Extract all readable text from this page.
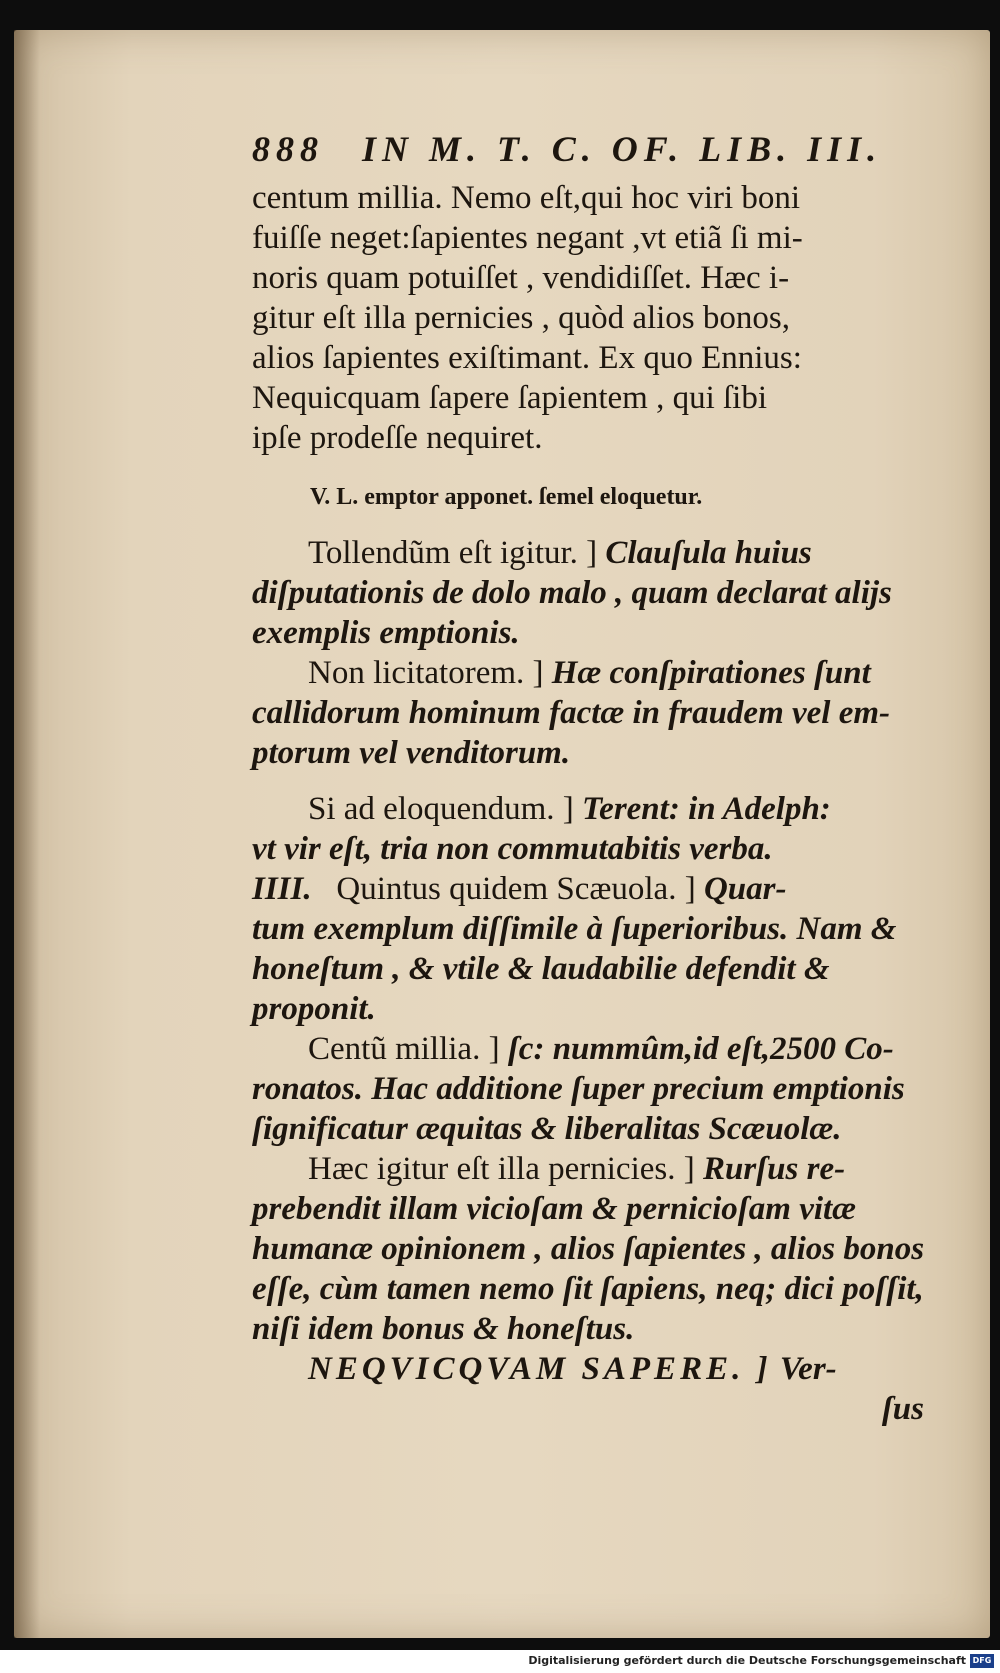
888 IN M. T. C. OF. LIB. III.
centum millia. Nemo eſt,qui hoc viri boni
fuiſſe neget:ſapientes negant ,vt etiã ſi mi-
noris quam potuiſſet , vendidiſſet. Hæc i-
gitur eſt illa pernicies , quòd alios bonos,
alios ſapientes exiſtimant. Ex quo Ennius:
Nequicquam ſapere ſapientem , qui ſibi
ipſe prodeſſe nequiret.
V. L. emptor apponet. ſemel eloquetur.
Tollendũm eſt igitur. ] Clauſula huius
diſputationis de dolo malo , quam declarat aliјs
exemplis emptionis.
Non licitatorem. ] Hæ conſpirationes ſunt
callidorum hominum factæ in fraudem vel em-
ptorum vel venditorum.
Si ad eloquendum. ] Terent: in Adelph:
vt vir eſt, tria non commutabitis verba.
IIII. Quintus quidem Scæuola. ] Quar-
tum exemplum diſſimile à ſuperioribus. Nam &
honeſtum , & vtile & laudabilie defendit &
proponit.
Centũ millia. ] ſc: nummûm,id eſt,2500 Co-
ronatos. Hac additione ſuper precium emptionis
ſignificatur æquitas & liberalitas Scæuolæ.
Hæc igitur eſt illa pernicies. ] Rurſus re-
prebendit illam vicioſam & pernicioſam vitæ
humanæ opinionem , alios ſapientes , alios bonos
eſſe, cùm tamen nemo ſit ſapiens, neq; dici poſſit,
niſi idem bonus & honeſtus.
NEQVICQVAM SAPERE. ] Ver-
ſus
Digitalisierung gefördert durch die Deutsche Forschungsgemeinschaft DFG
